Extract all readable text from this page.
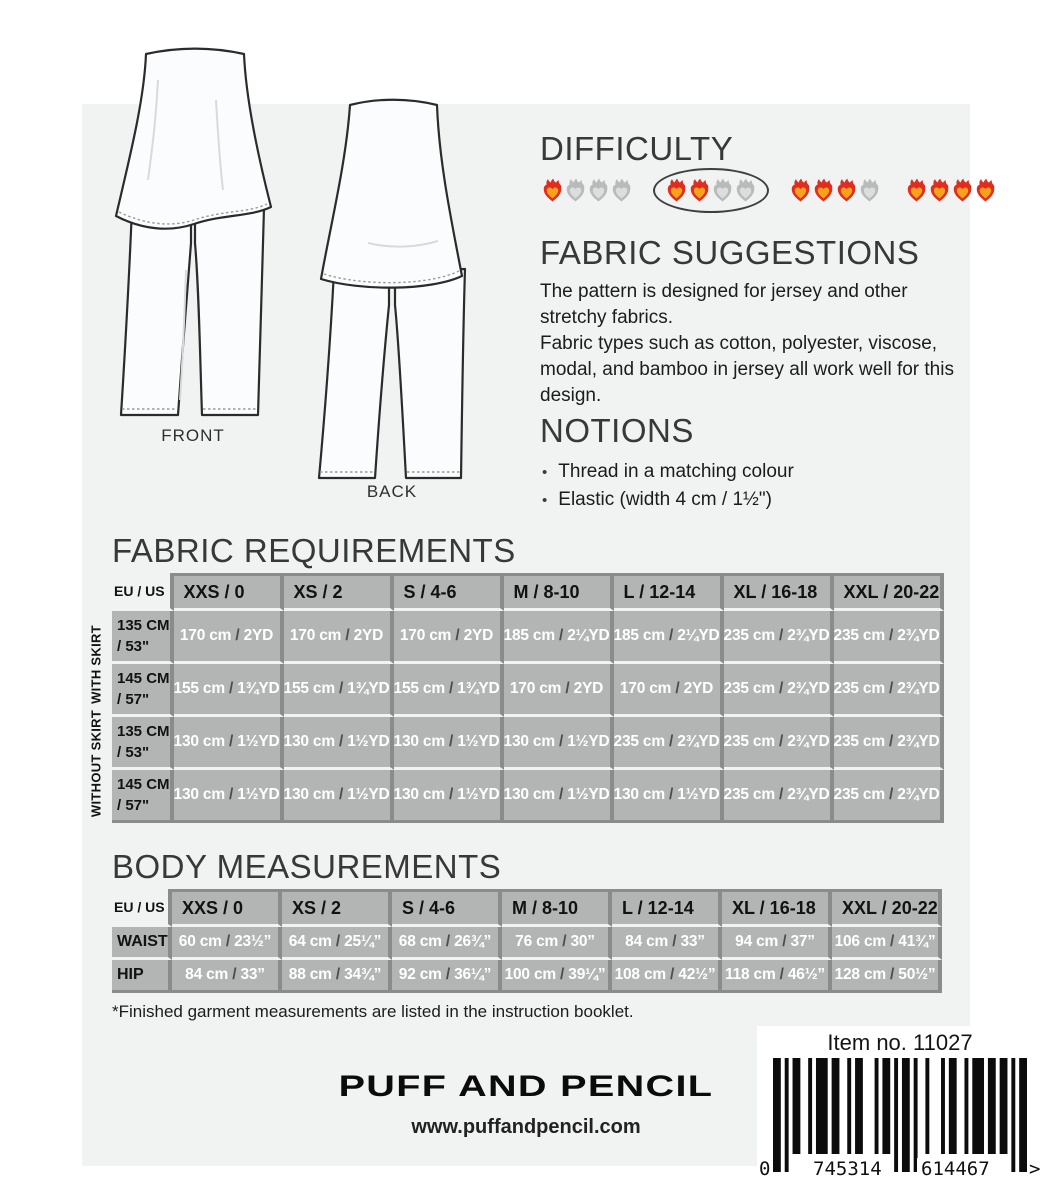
FRONT
BACK
DIFFICULTY
FABRIC SUGGESTIONS

The pattern is designed for jersey and other stretchy fabrics.

Fabric types such as cotton, polyester, viscose, modal, and bamboo in jersey all work well for this design.

NOTIONS
• Thread in a matching colour
• Elastic (width 4 cm / 1½")
FABRIC REQUIREMENTS
WITH SKIRT
WITHOUT SKIRT
EU / US	XXS / 0	XS / 2	S / 4-6	M / 8-10	L / 12-14	XL / 16-18	XXL / 20-22

135 CM
/ 53"	170 cm / 2YD	170 cm / 2YD	170 cm / 2YD	185 cm / 2¼YD	185 cm / 2¼YD	235 cm / 2¾YD	235 cm / 2¾YD

145 CM
/ 57"	155 cm / 1¾YD	155 cm / 1¾YD	155 cm / 1¾YD	170 cm / 2YD	170 cm / 2YD	235 cm / 2¾YD	235 cm / 2¾YD

135 CM
/ 53"	130 cm / 1½YD	130 cm / 1½YD	130 cm / 1½YD	130 cm / 1½YD	235 cm / 2¾YD	235 cm / 2¾YD	235 cm / 2¾YD

145 CM
/ 57"	130 cm / 1½YD	130 cm / 1½YD	130 cm / 1½YD	130 cm / 1½YD	130 cm / 1½YD	235 cm / 2¾YD	235 cm / 2¾YD
BODY MEASUREMENTS
EU / US	XXS / 0	XS / 2	S / 4-6	M / 8-10	L / 12-14	XL / 16-18	XXL / 20-22

WAIST	60 cm / 23½”	64 cm / 25¼”	68 cm / 26¾”	76 cm / 30”	84 cm / 33”	94 cm / 37”	106 cm / 41¾”

HIP	84 cm / 33”	88 cm / 34¾”	92 cm / 36¼”	100 cm / 39¼”	108 cm / 42½”	118 cm / 46½”	128 cm / 50½”
*Finished garment measurements are listed in the instruction booklet.
Item no. 11027
0 745314 614467 >
PUFF AND PENCIL
www.puffandpencil.com
